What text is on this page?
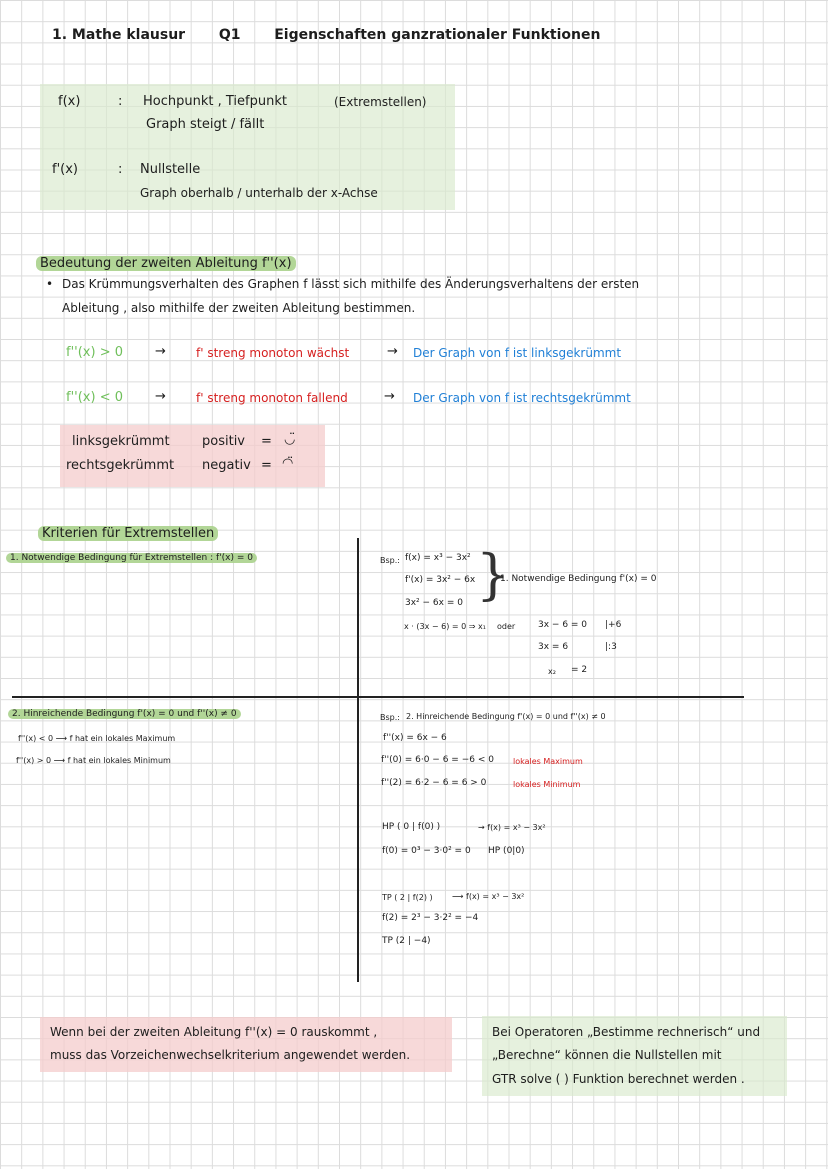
1. Mathe klausur Q1 Eigenschaften ganzrationaler Funktionen
f(x)	: Hochpunkt , Tiefpunkt	(Extremstellen)
Graph steigt / fällt
f'(x)	: Nullstelle
Graph oberhalb / unterhalb der x-Achse
Bedeutung der zweiten Ableitung f''(x)
• Das Krümmungsverhalten des Graphen f lässt sich mithilfe des Änderungsverhaltens der ersten
Ableitung , also mithilfe der zweiten Ableitung bestimmen.
f''(x) > 0 →	f' streng monoton wächst	→ Der Graph von f ist linksgekrümmt
f''(x) < 0 →	f' streng monoton fallend	→ Der Graph von f ist rechtsgekrümmt
linksgekrümmt positiv = ◡̈
rechtsgekrümmt negativ = ◠̈
Kriterien für Extremstellen
1. Notwendige Bedingung für Extremstellen : f'(x) = 0	Bsp.: f(x) = x³ − 3x²
f'(x) = 3x² − 6x
3x² − 6x = 0 }
1. Notwendige Bedingung f'(x) = 0
x · (3x − 6) = 0 ⇒ x₁ oder	3x − 6 = 0 |+6
3x = 6	|:3
x₂ = 2
2. Hinreichende Bedingung f'(x) = 0 und f''(x) ≠ 0
f''(x) < 0 ⟶ f hat ein lokales Maximum
f''(x) > 0 ⟶ f hat ein lokales Minimum
Bsp.: 2. Hinreichende Bedingung f'(x) = 0 und f''(x) ≠ 0
f''(x) = 6x − 6
f''(0) = 6·0 − 6 = −6 < 0 lokales Maximum
f''(2) = 6·2 − 6 = 6 > 0	lokales Minimum
HP ( 0 | f(0) )	→ f(x) = x³ − 3x²
f(0) = 0³ − 3·0² = 0 HP (0|0)
TP ( 2 | f(2) ) ⟶ f(x) = x³ − 3x²
f(2) = 2³ − 3·2² = −4
TP (2 | −4)
Wenn bei der zweiten Ableitung f''(x) = 0 rauskommt ,
muss das Vorzeichenwechselkriterium angewendet werden.
Bei Operatoren „Bestimme rechnerisch“ und
„Berechne“ können die Nullstellen mit
GTR solve ( ) Funktion berechnet werden .
